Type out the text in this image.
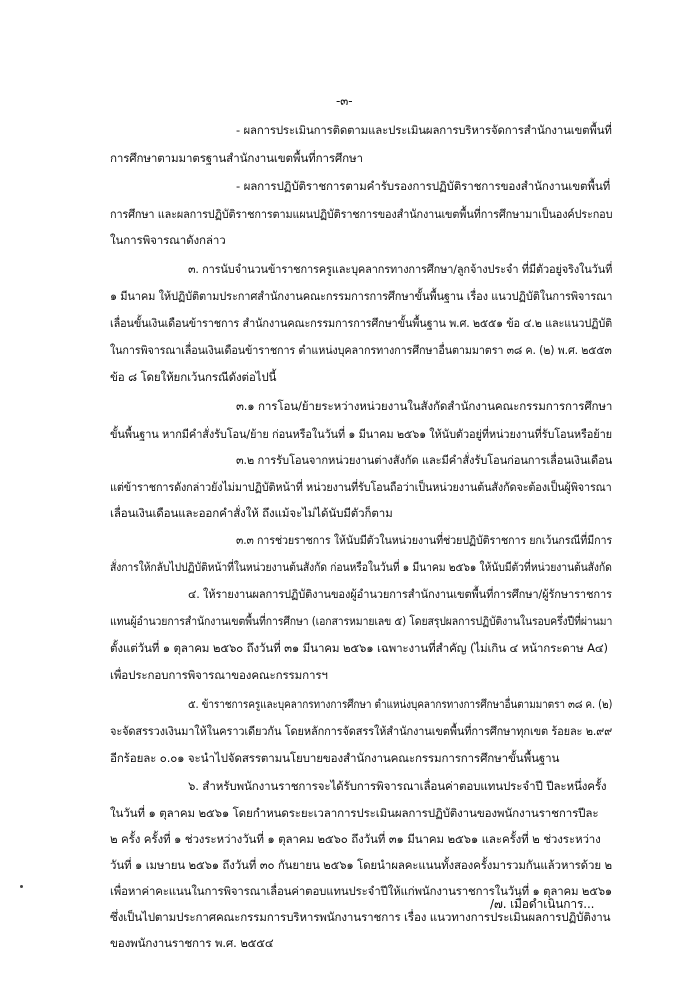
-๓-
- ผลการประเมินการติดตามและประเมินผลการบริหารจัดการสำนักงานเขตพื้นที่
การศึกษาตามมาตรฐานสำนักงานเขตพื้นที่การศึกษา
- ผลการปฏิบัติราชการตามคำรับรองการปฏิบัติราชการของสำนักงานเขตพื้นที่
การศึกษา และผลการปฏิบัติราชการตามแผนปฏิบัติราชการของสำนักงานเขตพื้นที่การศึกษามาเป็นองค์ประกอบ
ในการพิจารณาดังกล่าว
๓. การนับจำนวนข้าราชการครูและบุคลากรทางการศึกษา/ลูกจ้างประจำ ที่มีตัวอยู่จริงในวันที่
๑ มีนาคม ให้ปฏิบัติตามประกาศสำนักงานคณะกรรมการการศึกษาขั้นพื้นฐาน เรื่อง แนวปฏิบัติในการพิจารณา
เลื่อนขั้นเงินเดือนข้าราชการ สำนักงานคณะกรรมการการศึกษาขั้นพื้นฐาน พ.ศ. ๒๕๕๑ ข้อ ๔.๒ และแนวปฏิบัติ
ในการพิจารณาเลื่อนเงินเดือนข้าราชการ ตำแหน่งบุคลากรทางการศึกษาอื่นตามมาตรา ๓๘ ค. (๒) พ.ศ. ๒๕๕๓
ข้อ ๘ โดยให้ยกเว้นกรณีดังต่อไปนี้
๓.๑ การโอน/ย้ายระหว่างหน่วยงานในสังกัดสำนักงานคณะกรรมการการศึกษา
ขั้นพื้นฐาน หากมีคำสั่งรับโอน/ย้าย ก่อนหรือในวันที่ ๑ มีนาคม ๒๕๖๑ ให้นับตัวอยู่ที่หน่วยงานที่รับโอนหรือย้าย
๓.๒ การรับโอนจากหน่วยงานต่างสังกัด และมีคำสั่งรับโอนก่อนการเลื่อนเงินเดือน
แต่ข้าราชการดังกล่าวยังไม่มาปฏิบัติหน้าที่ หน่วยงานที่รับโอนถือว่าเป็นหน่วยงานต้นสังกัดจะต้องเป็นผู้พิจารณา
เลื่อนเงินเดือนและออกคำสั่งให้ ถึงแม้จะไม่ได้นับมีตัวก็ตาม
๓.๓ การช่วยราชการ ให้นับมีตัวในหน่วยงานที่ช่วยปฏิบัติราชการ ยกเว้นกรณีที่มีการ
สั่งการให้กลับไปปฏิบัติหน้าที่ในหน่วยงานต้นสังกัด ก่อนหรือในวันที่ ๑ มีนาคม ๒๕๖๑ ให้นับมีตัวที่หน่วยงานต้นสังกัด
๔. ให้รายงานผลการปฏิบัติงานของผู้อำนวยการสำนักงานเขตพื้นที่การศึกษา/ผู้รักษาราชการ
แทนผู้อำนวยการสำนักงานเขตพื้นที่การศึกษา (เอกสารหมายเลข ๕) โดยสรุปผลการปฏิบัติงานในรอบครึ่งปีที่ผ่านมา
ตั้งแต่วันที่ ๑ ตุลาคม ๒๕๖๐ ถึงวันที่ ๓๑ มีนาคม ๒๕๖๑ เฉพาะงานที่สำคัญ (ไม่เกิน ๔ หน้ากระดาษ A๔)
เพื่อประกอบการพิจารณาของคณะกรรมการฯ
๕. ข้าราชการครูและบุคลากรทางการศึกษา ตำแหน่งบุคลากรทางการศึกษาอื่นตามมาตรา ๓๘ ค. (๒)
จะจัดสรรวงเงินมาให้ในคราวเดียวกัน โดยหลักการจัดสรรให้สำนักงานเขตพื้นที่การศึกษาทุกเขต ร้อยละ ๒.๙๙
อีกร้อยละ ๐.๐๑ จะนำไปจัดสรรตามนโยบายของสำนักงานคณะกรรมการการศึกษาขั้นพื้นฐาน
๖. สำหรับพนักงานราชการจะได้รับการพิจารณาเลื่อนค่าตอบแทนประจำปี ปีละหนึ่งครั้ง
ในวันที่ ๑ ตุลาคม ๒๕๖๑ โดยกำหนดระยะเวลาการประเมินผลการปฏิบัติงานของพนักงานราชการปีละ
๒ ครั้ง ครั้งที่ ๑ ช่วงระหว่างวันที่ ๑ ตุลาคม ๒๕๖๐ ถึงวันที่ ๓๑ มีนาคม ๒๕๖๑ และครั้งที่ ๒ ช่วงระหว่าง
วันที่ ๑ เมษายน ๒๕๖๑ ถึงวันที่ ๓๐ กันยายน ๒๕๖๑ โดยนำผลคะแนนทั้งสองครั้งมารวมกันแล้วหารด้วย ๒
เพื่อหาค่าคะแนนในการพิจารณาเลื่อนค่าตอบแทนประจำปีให้แก่พนักงานราชการในวันที่ ๑ ตุลาคม ๒๕๖๑
ซึ่งเป็นไปตามประกาศคณะกรรมการบริหารพนักงานราชการ เรื่อง แนวทางการประเมินผลการปฏิบัติงาน
ของพนักงานราชการ พ.ศ. ๒๕๕๔
/๗. เมื่อดำเนินการ...
